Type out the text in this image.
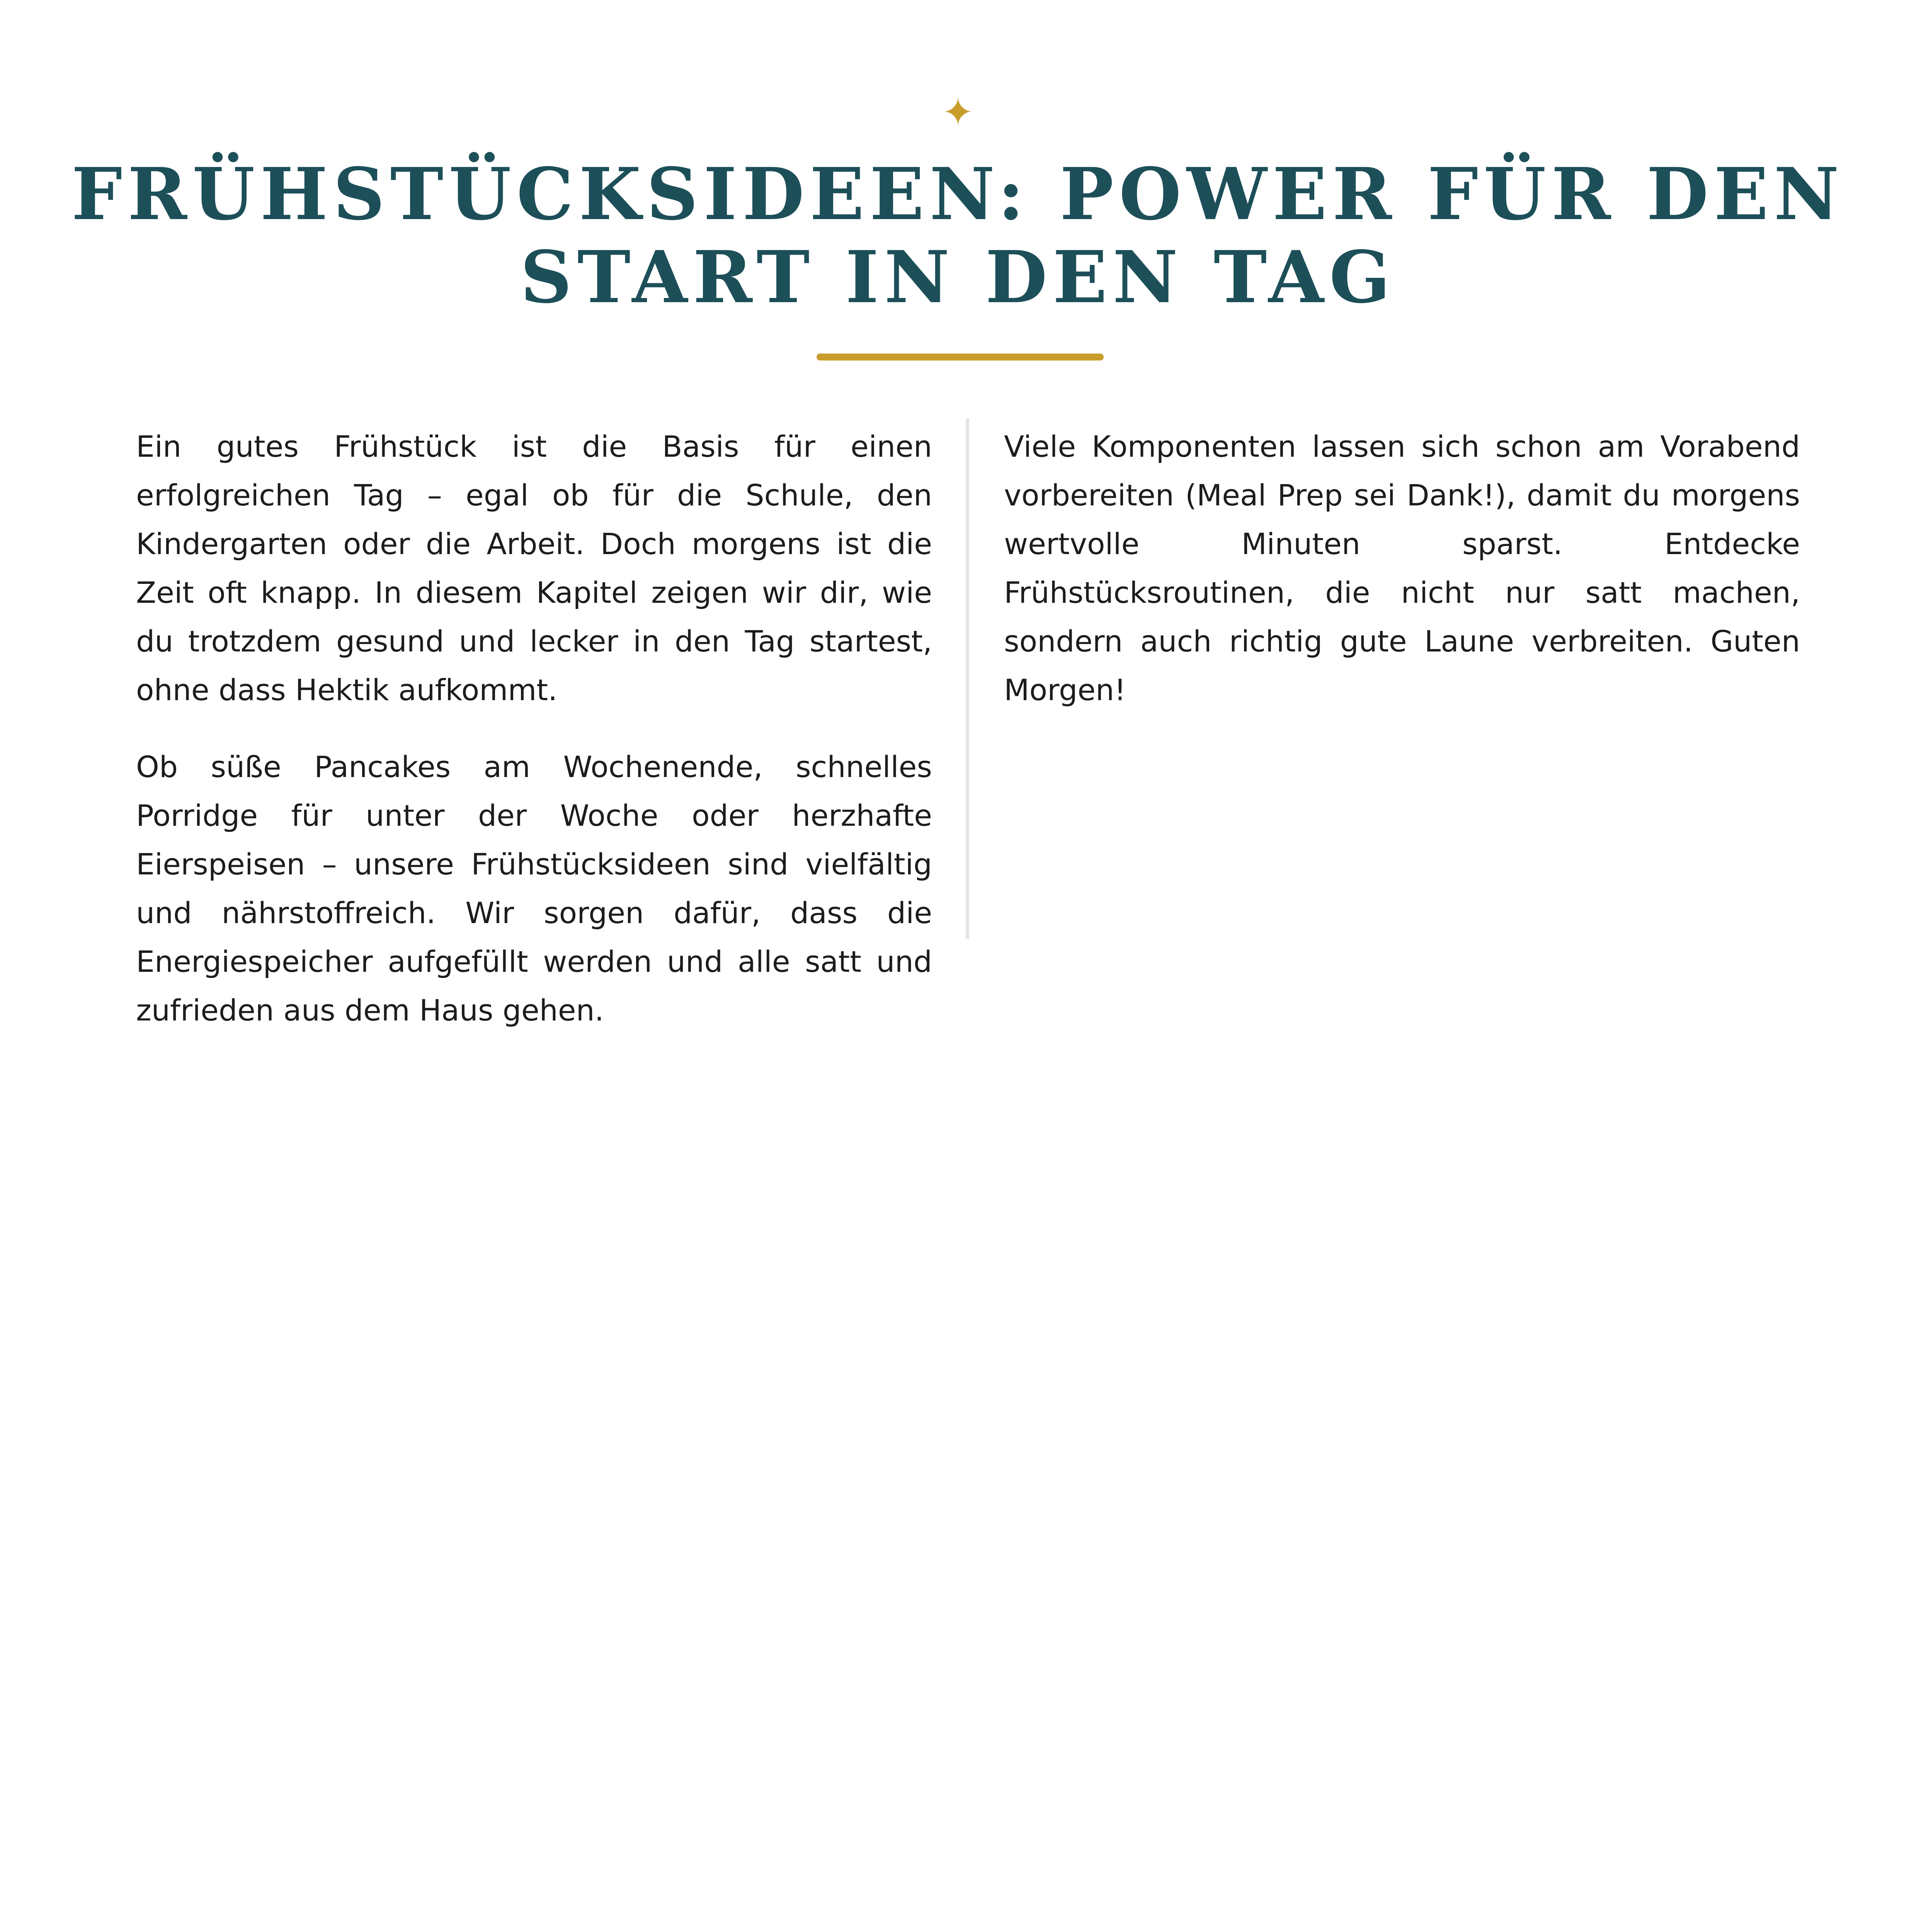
✦
FRÜHSTÜCKSIDEEN: POWER FÜR DEN
START IN DEN TAG

Ein gutes Frühstück ist die Basis für einen erfolgreichen Tag – egal ob für die Schule, den Kindergarten oder die Arbeit. Doch morgens ist die Zeit oft knapp. In diesem Kapitel zeigen wir dir, wie du trotzdem gesund und lecker in den Tag startest, ohne dass Hektik aufkommt.

Ob süße Pancakes am Wochenende, schnelles Porridge für unter der Woche oder herzhafte Eierspeisen – unsere Frühstücksideen sind vielfältig und nährstoffreich. Wir sorgen dafür, dass die Energiespeicher aufgefüllt werden und alle satt und zufrieden aus dem Haus gehen.

Viele Komponenten lassen sich schon am Vorabend vorbereiten (Meal Prep sei Dank!), damit du morgens wertvolle Minuten sparst. Entdecke Frühstücksroutinen, die nicht nur satt machen, sondern auch richtig gute Laune verbreiten. Guten Morgen!
